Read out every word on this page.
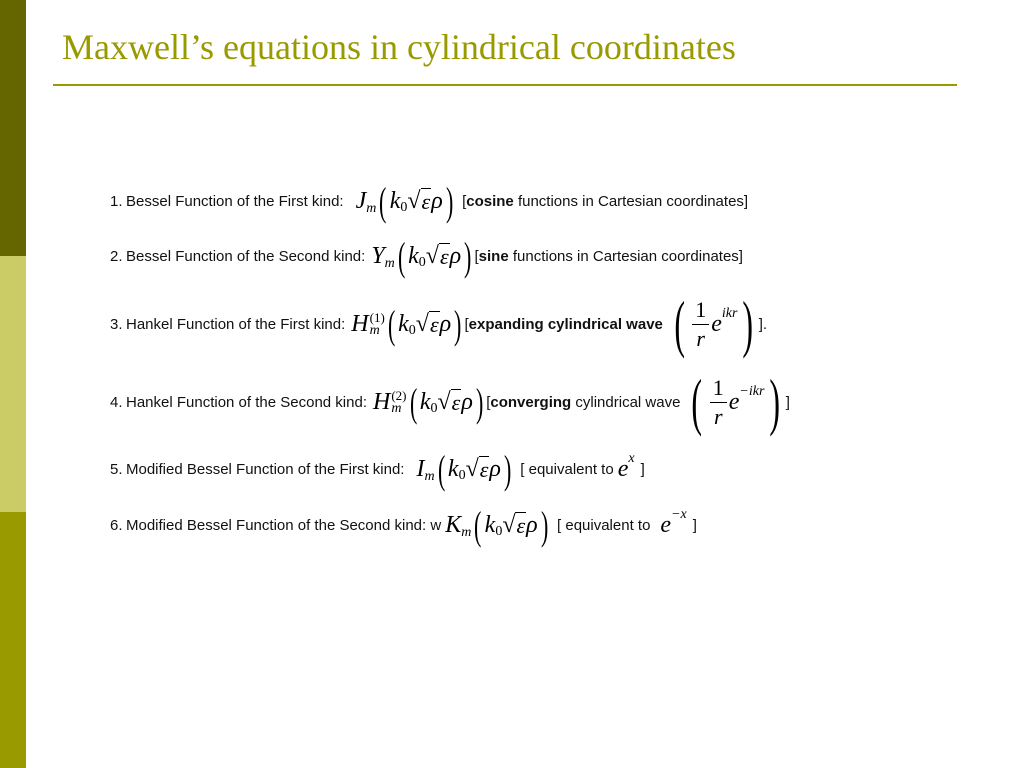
Maxwell’s equations in cylindrical coordinates
1. Bessel Function of the First kind: J m ( k 0 √ ε ρ ) [cosine functions in Cartesian coordinates]
2. Bessel Function of the Second kind: Y m ( k 0 √ ε ρ ) [sine functions in Cartesian coordinates]
3. Hankel Function of the First kind: H (1)
m ( k 0 √ ε ρ ) [expanding cylindrical wave ( $\frac{1}{r}$ e ikr ) ].
4. Hankel Function of the Second kind: H (2)
m ( k 0 √ ε ρ ) [converging cylindrical wave ( $\frac{1}{r}$ e −ikr ) ]
5. Modified Bessel Function of the First kind: I m ( k 0 √ ε ρ ) [ equivalent to e x
]
6. Modified Bessel Function of the Second kind: w K m ( k 0 √ ε ρ ) [ equivalent to e −x
]
